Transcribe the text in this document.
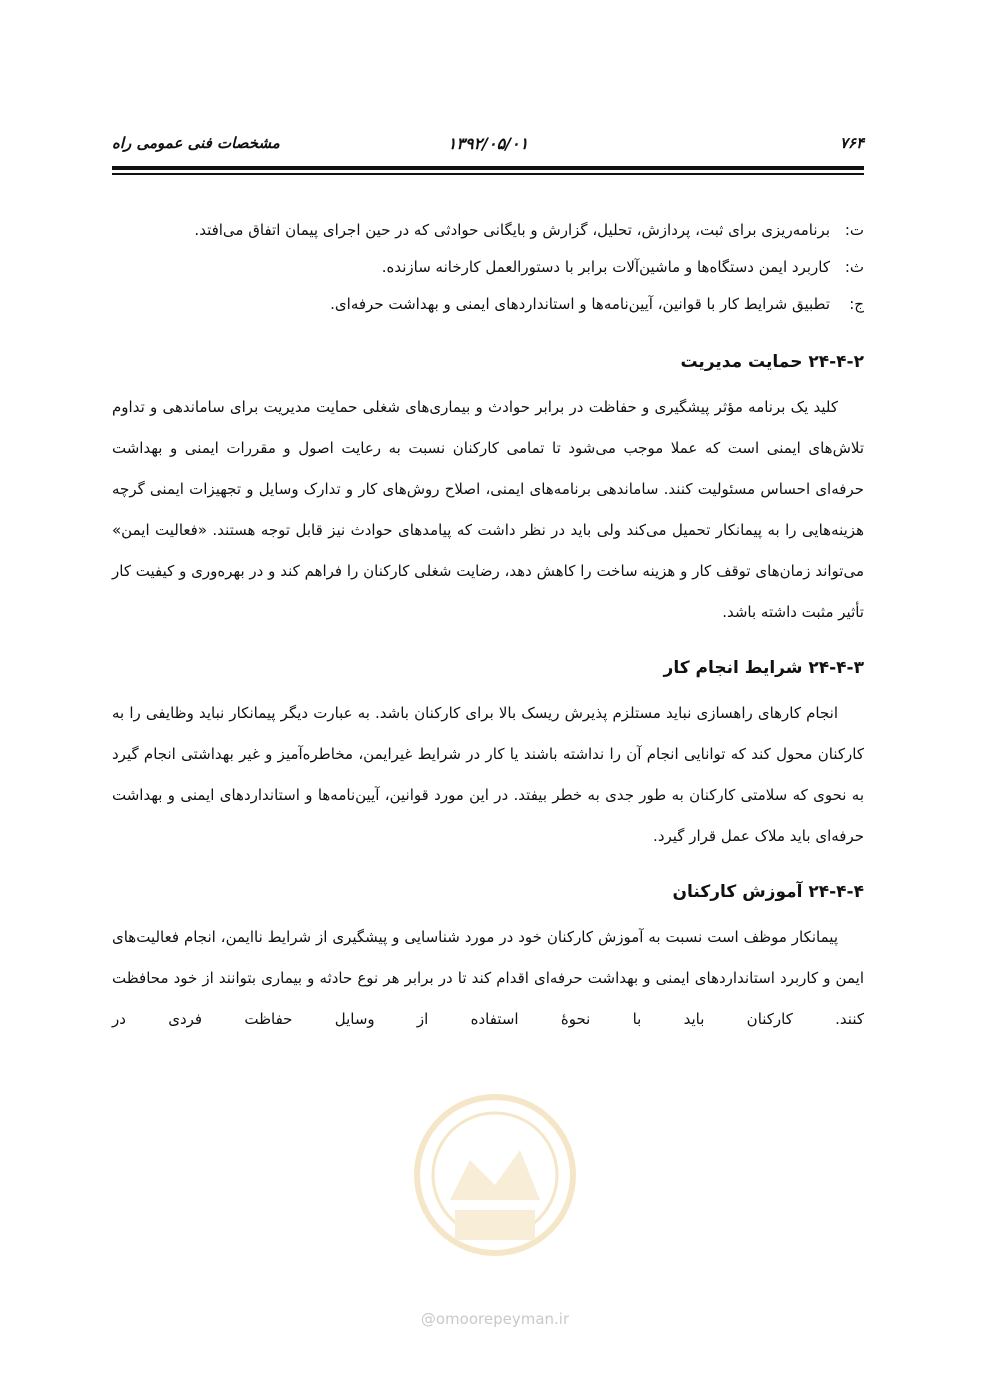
۷۶۴
۱۳۹۲/۰۵/۰۱
مشخصات فنی عمومی راه
ت:
برنامه‌ریزی برای ثبت، پردازش، تحلیل، گزارش و بایگانی حوادثی که در حین اجرای پیمان اتفاق می‌افتد.
ث:
کاربرد ایمن دستگاه‌ها و ماشین‌آلات برابر با دستورالعمل کارخانه سازنده.
ج:
تطبیق شرایط کار با قوانین، آیین‌نامه‌ها و استانداردهای ایمنی و بهداشت حرفه‌ای.
۲۴-۴-۲ حمایت مدیریت
کلید یک برنامه مؤثر پیشگیری و حفاظت در برابر حوادث و بیماری‌های شغلی حمایت مدیریت برای ساماندهی و تداوم تلاش‌های ایمنی است که عملا موجب می‌شود تا تمامی کارکنان نسبت به رعایت اصول و مقررات ایمنی و بهداشت حرفه‌ای احساس مسئولیت کنند. ساماندهی برنامه‌های ایمنی، اصلاح روش‌های کار و تدارک وسایل و تجهیزات ایمنی گرچه هزینه‌هایی را به پیمانکار تحمیل می‌کند ولی باید در نظر داشت که پیامدهای حوادث نیز قابل توجه هستند. «فعالیت ایمن» می‌تواند زمان‌های توقف کار و هزینه ساخت را کاهش دهد، رضایت شغلی کارکنان را فراهم کند و در بهره‌وری و کیفیت کار تأثیر مثبت داشته باشد.
۲۴-۴-۳ شرایط انجام کار
انجام کارهای راهسازی نباید مستلزم پذیرش ریسک بالا برای کارکنان باشد. به عبارت دیگر پیمانکار نباید وظایفی را به کارکنان محول کند که توانایی انجام آن را نداشته باشند یا کار در شرایط غیرایمن، مخاطره‌آمیز و غیر بهداشتی انجام گیرد به نحوی که سلامتی کارکنان به طور جدی به خطر بیفتد. در این مورد قوانین، آیین‌نامه‌ها و استانداردهای ایمنی و بهداشت حرفه‌ای باید ملاک عمل قرار گیرد.
۲۴-۴-۴ آموزش کارکنان
پیمانکار موظف است نسبت به آموزش کارکنان خود در مورد شناسایی و پیشگیری از شرایط ناایمن، انجام فعالیت‌های ایمن و کاربرد استانداردهای ایمنی و بهداشت حرفه‌ای اقدام کند تا در برابر هر نوع حادثه و بیماری بتوانند از خود محافظت کنند. کارکنان باید با نحوهٔ استفاده از وسایل حفاظت فردی در
@omoorepeyman.ir
